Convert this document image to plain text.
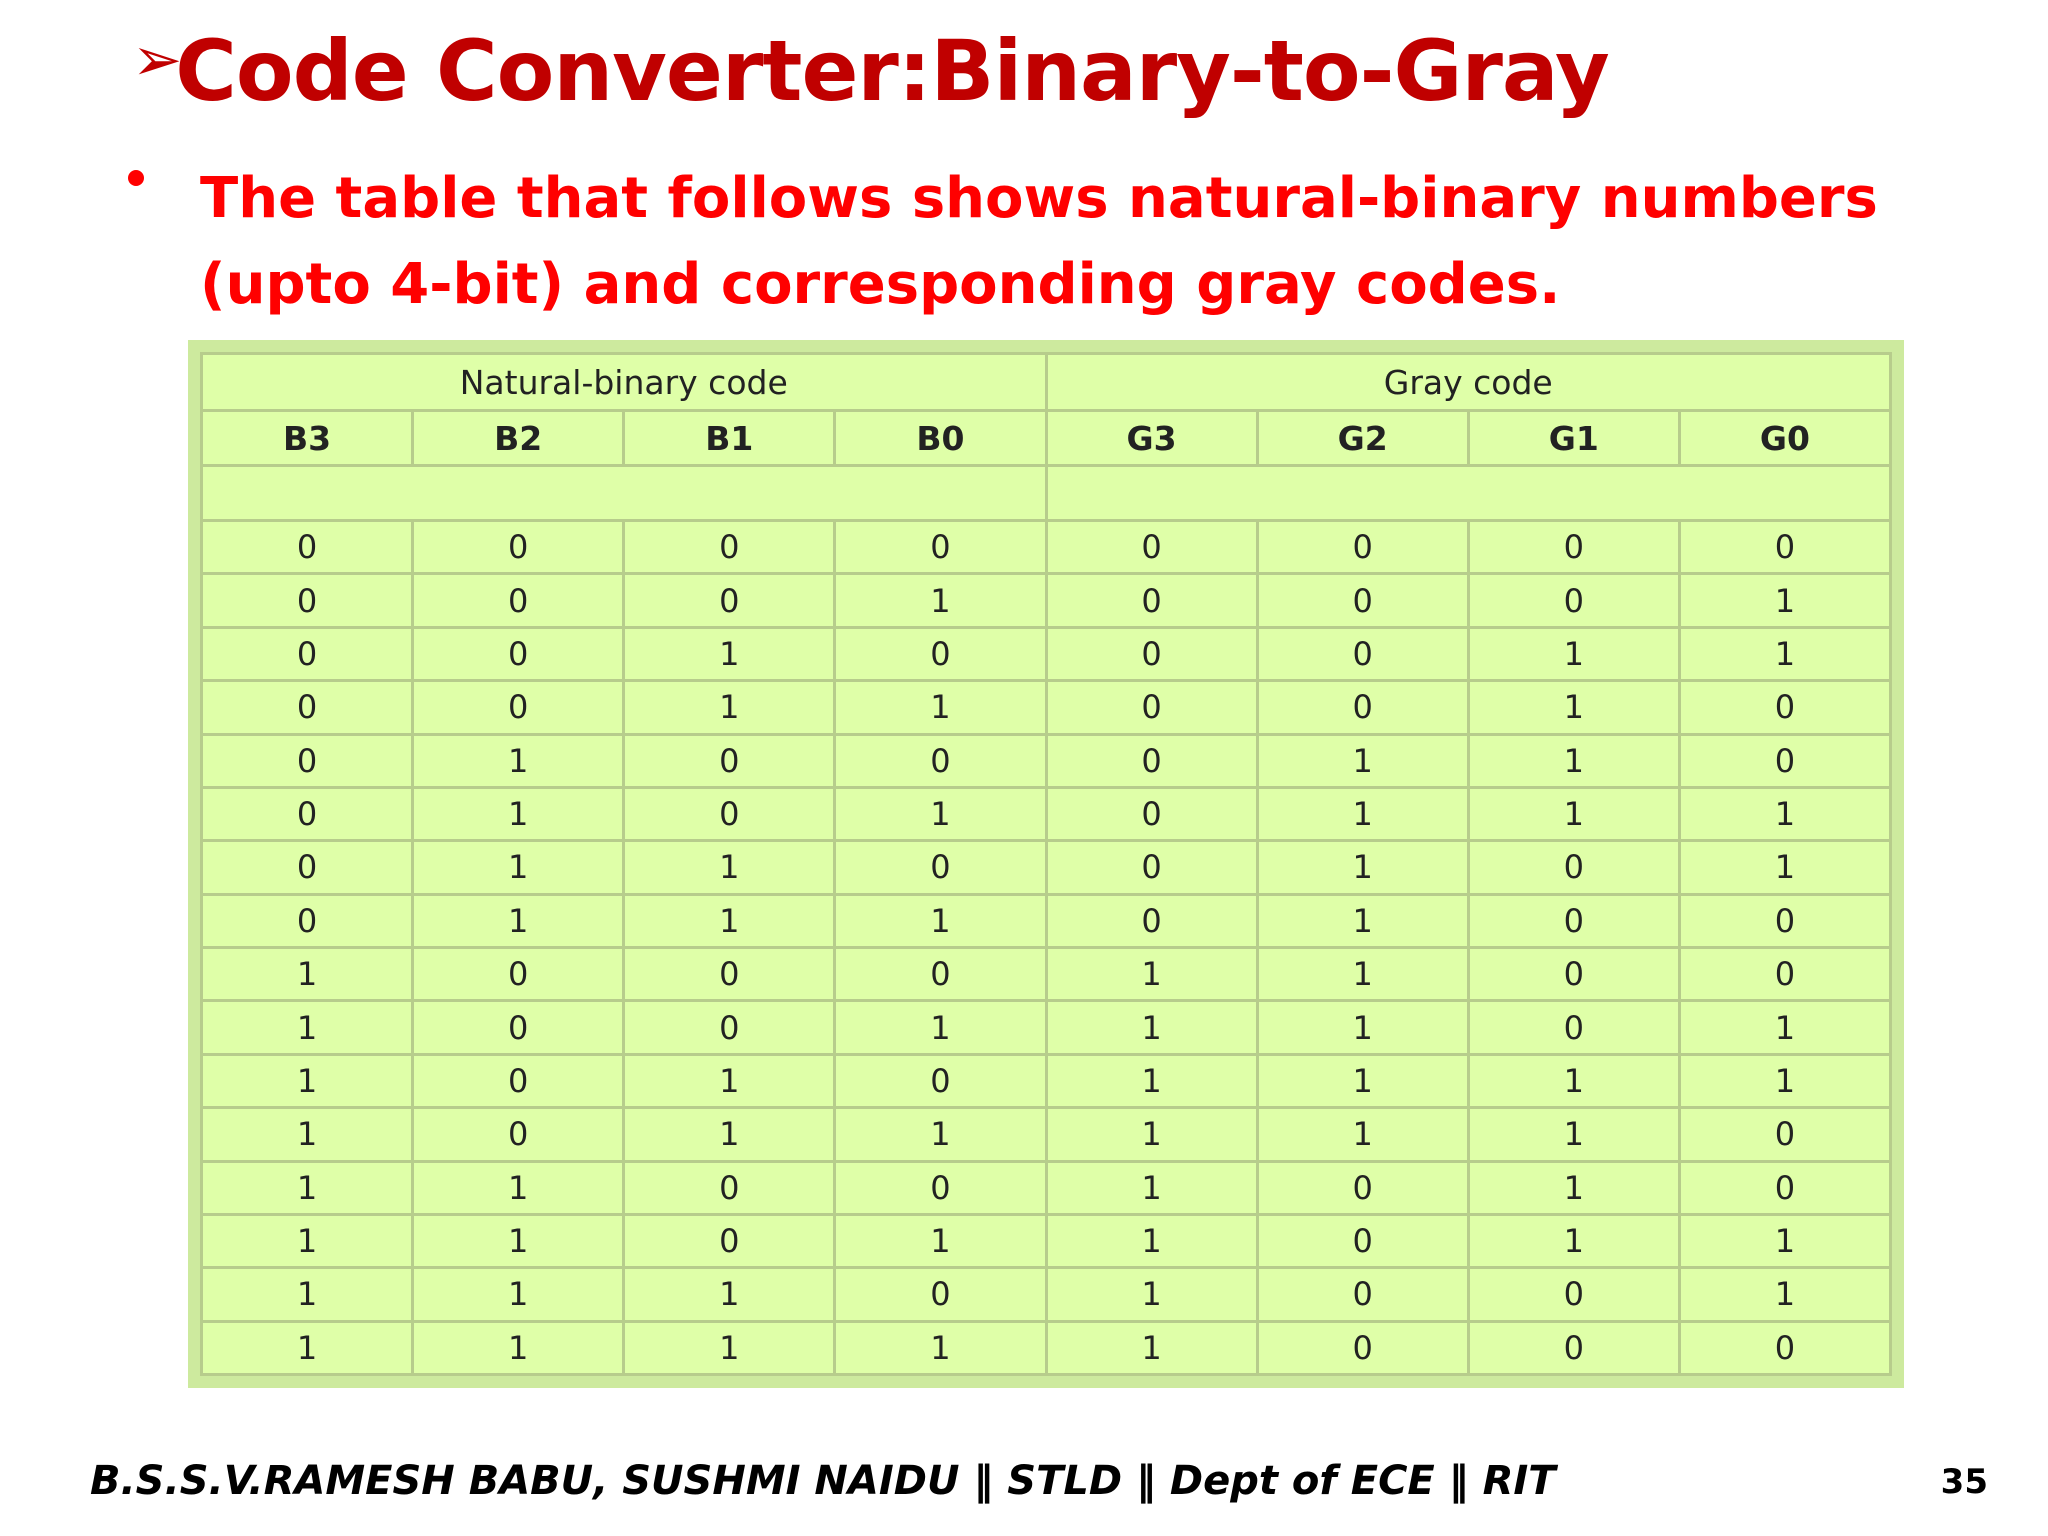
➢Code Converter:Binary-to-Gray
The table that follows shows natural-binary numbers (upto 4-bit) and corresponding gray codes.
Natural-binary code				Gray code			
B3	B2	B1	B0	G3	G2	G1	G0

0	0	0	0	0	0	0	0
0	0	0	1	0	0	0	1
0	0	1	0	0	0	1	1
0	0	1	1	0	0	1	0
0	1	0	0	0	1	1	0
0	1	0	1	0	1	1	1
0	1	1	0	0	1	0	1
0	1	1	1	0	1	0	0
1	0	0	0	1	1	0	0
1	0	0	1	1	1	0	1
1	0	1	0	1	1	1	1
1	0	1	1	1	1	1	0
1	1	0	0	1	0	1	0
1	1	0	1	1	0	1	1
1	1	1	0	1	0	0	1
1	1	1	1	1	0	0	0
B.S.S.V.RAMESH BABU, SUSHMI NAIDU ‖ STLD ‖ Dept of ECE ‖ RIT	35
